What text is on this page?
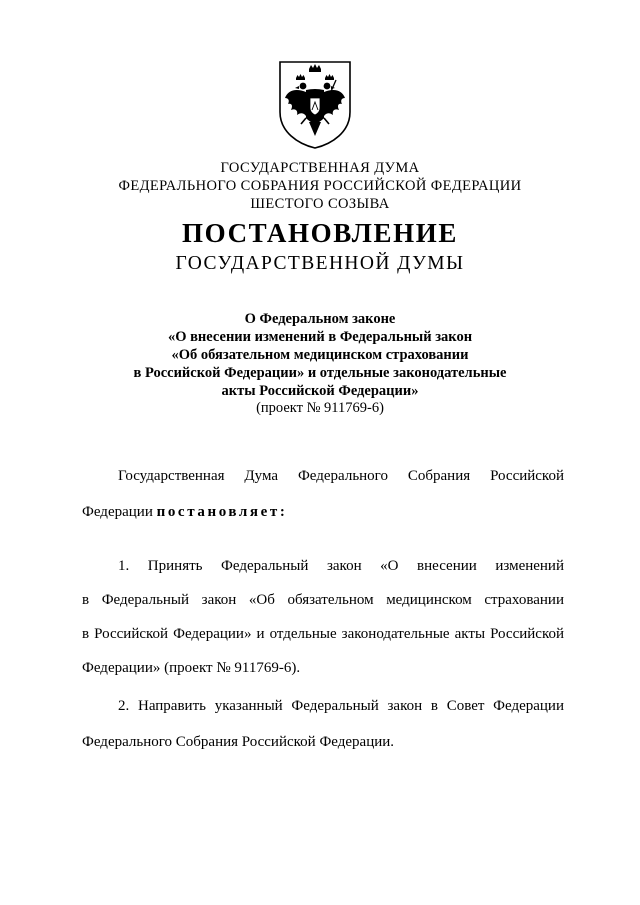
ГОСУДАРСТВЕННАЯ ДУМА
ФЕДЕРАЛЬНОГО СОБРАНИЯ РОССИЙСКОЙ ФЕДЕРАЦИИ
ШЕСТОГО СОЗЫВА
ПОСТАНОВЛЕНИЕ
ГОСУДАРСТВЕННОЙ ДУМЫ
О Федеральном законе
«О внесении изменений в Федеральный закон
«Об обязательном медицинском страховании
в Российской Федерации» и отдельные законодательные
акты Российской Федерации»
(проект № 911769-6)
Государственная Дума Федерального Собрания Российской
Федерации постановляет:
1. Принять Федеральный закон «О внесении изменений
в Федеральный закон «Об обязательном медицинском страховании
в Российской Федерации» и отдельные законодательные акты Российской
Федерации» (проект № 911769-6).
2. Направить указанный Федеральный закон в Совет Федерации
Федерального Собрания Российской Федерации.
